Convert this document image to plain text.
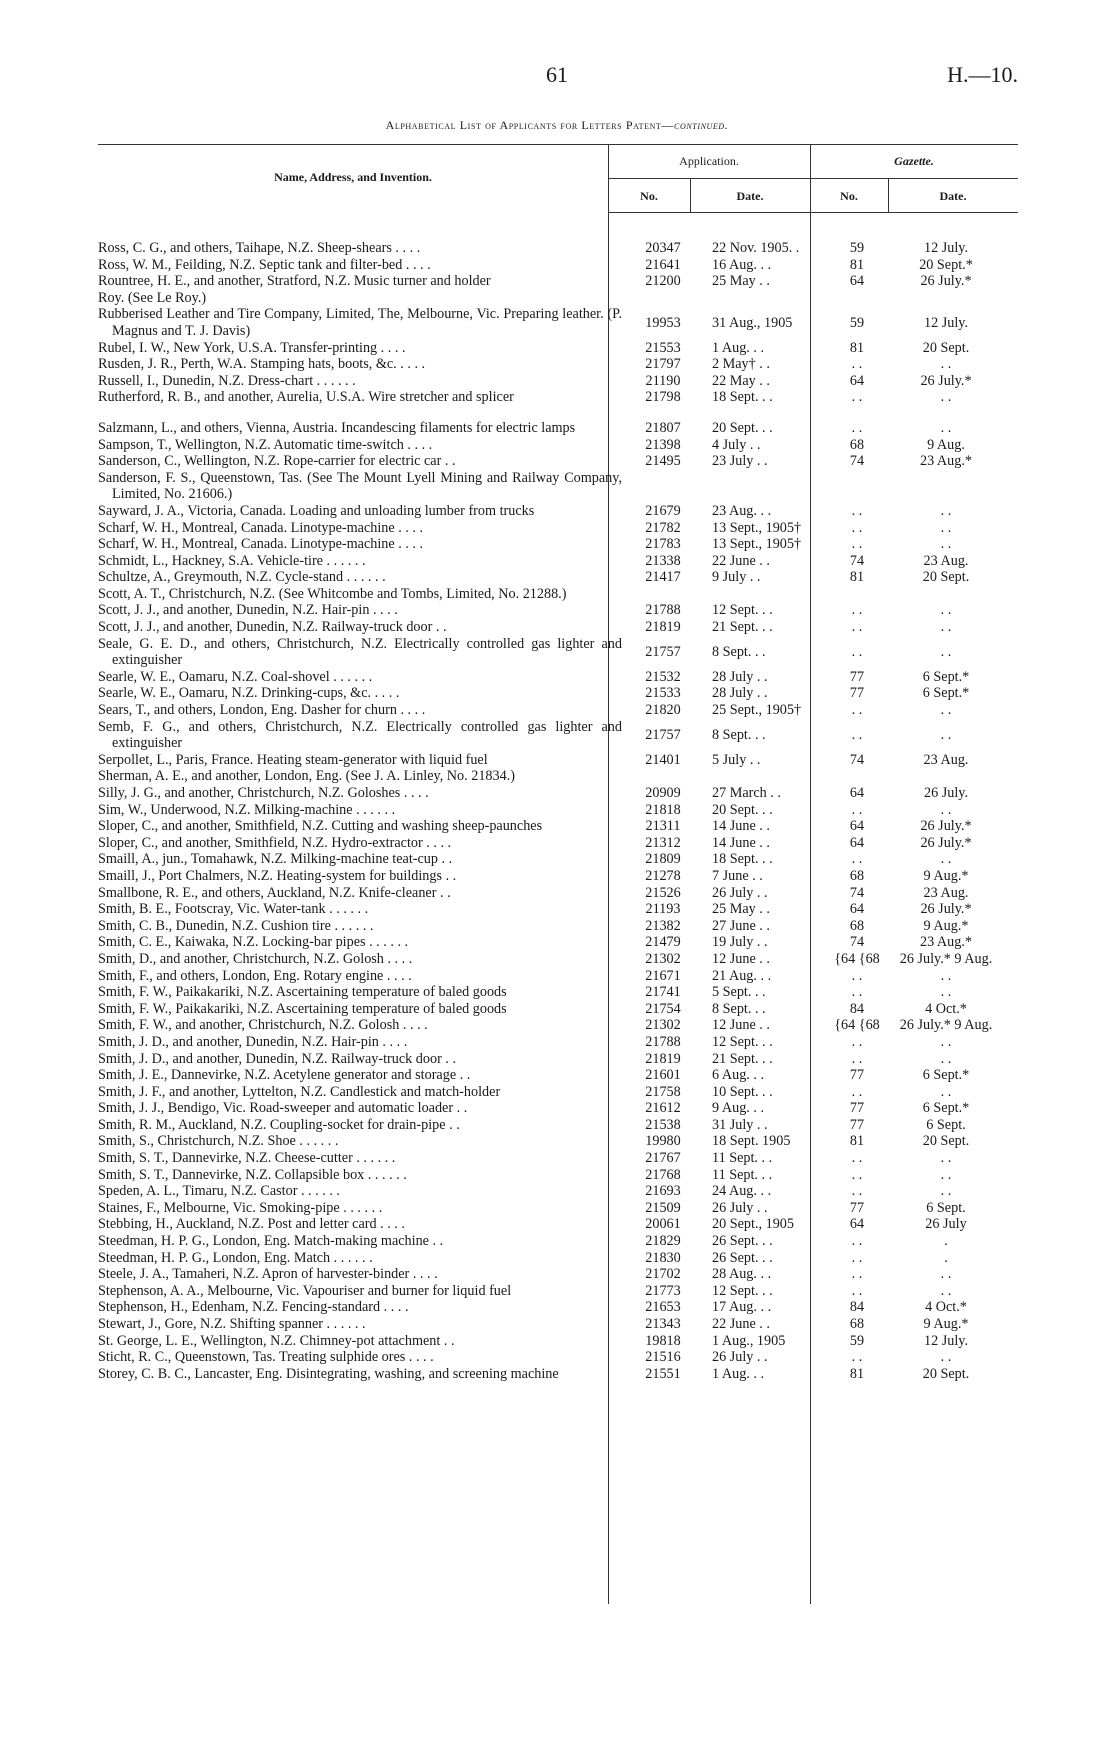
61	H.—10.
Alphabetical List of Applicants for Letters Patent—continued.
Name, Address, and Invention.
Application.	Gazette.
No.	Date.	No.	Date.
Ross, C. G., and others, Taihape, N.Z. Sheep-shears . . . .	20347	22 Nov. 1905. .	59	12 July.
Ross, W. M., Feilding, N.Z. Septic tank and filter-bed . . . .	21641	16 Aug. . .	81	20 Sept.*
Rountree, H. E., and another, Stratford, N.Z. Music turner and holder	21200	25 May . .	64	26 July.*
Roy. (See Le Roy.)
Rubberised Leather and Tire Company, Limited, The, Melbourne, Vic. Preparing leather. (P. Magnus and T. J. Davis)
19953	31 Aug., 1905	59	12 July.
Rubel, I. W., New York, U.S.A. Transfer-printing . . . .	21553	1 Aug. . .	81	20 Sept.
Rusden, J. R., Perth, W.A. Stamping hats, boots, &c. . . . .	21797	2 May† . .	. .	. .
Russell, I., Dunedin, N.Z. Dress-chart . . . . . .	21190	22 May . .	64	26 July.*
Rutherford, R. B., and another, Aurelia, U.S.A. Wire stretcher and splicer	21798	18 Sept. . .	. .	. .
Salzmann, L., and others, Vienna, Austria. Incandescing filaments for electric lamps	21807	20 Sept. . .	. .	. .
Sampson, T., Wellington, N.Z. Automatic time-switch . . . .	21398	4 July . .	68	9 Aug.
Sanderson, C., Wellington, N.Z. Rope-carrier for electric car . .	21495	23 July . .	74	23 Aug.*
Sanderson, F. S., Queenstown, Tas. (See The Mount Lyell Mining and Railway Company, Limited, No. 21606.)
Sayward, J. A., Victoria, Canada. Loading and unloading lumber from trucks	21679	23 Aug. . .	. .	. .
Scharf, W. H., Montreal, Canada. Linotype-machine . . . .	21782	13 Sept., 1905†	. .	. .
Scharf, W. H., Montreal, Canada. Linotype-machine . . . .	21783	13 Sept., 1905†	. .	. .
Schmidt, L., Hackney, S.A. Vehicle-tire . . . . . .	21338	22 June . .	74	23 Aug.
Schultze, A., Greymouth, N.Z. Cycle-stand . . . . . .	21417	9 July . .	81	20 Sept.
Scott, A. T., Christchurch, N.Z. (See Whitcombe and Tombs, Limited, No. 21288.)
Scott, J. J., and another, Dunedin, N.Z. Hair-pin . . . .	21788	12 Sept. . .	. .	. .
Scott, J. J., and another, Dunedin, N.Z. Railway-truck door . .	21819	21 Sept. . .	. .	. .
Seale, G. E. D., and others, Christchurch, N.Z. Electrically controlled gas lighter and extinguisher
21757	8 Sept. . .	. .	. .
Searle, W. E., Oamaru, N.Z. Coal-shovel . . . . . .	21532	28 July . .	77	6 Sept.*
Searle, W. E., Oamaru, N.Z. Drinking-cups, &c. . . . .	21533	28 July . .	77	6 Sept.*
Sears, T., and others, London, Eng. Dasher for churn . . . .	21820	25 Sept., 1905†	. .	. .
Semb, F. G., and others, Christchurch, N.Z. Electrically controlled gas lighter and extinguisher
21757	8 Sept. . .	. .	. .
Serpollet, L., Paris, France. Heating steam-generator with liquid fuel	21401	5 July . .	74	23 Aug.
Sherman, A. E., and another, London, Eng. (See J. A. Linley, No. 21834.)
Silly, J. G., and another, Christchurch, N.Z. Goloshes . . . .	20909	27 March . .	64	26 July.
Sim, W., Underwood, N.Z. Milking-machine . . . . . .	21818	20 Sept. . .	. .	. .
Sloper, C., and another, Smithfield, N.Z. Cutting and washing sheep-paunches	21311	14 June . .	64	26 July.*
Sloper, C., and another, Smithfield, N.Z. Hydro-extractor . . . .	21312	14 June . .	64	26 July.*
Smaill, A., jun., Tomahawk, N.Z. Milking-machine teat-cup . .	21809	18 Sept. . .	. .	. .
Smaill, J., Port Chalmers, N.Z. Heating-system for buildings . .	21278	7 June . .	68	9 Aug.*
Smallbone, R. E., and others, Auckland, N.Z. Knife-cleaner . .	21526	26 July . .	74	23 Aug.
Smith, B. E., Footscray, Vic. Water-tank . . . . . .	21193	25 May . .	64	26 July.*
Smith, C. B., Dunedin, N.Z. Cushion tire . . . . . .	21382	27 June . .	68	9 Aug.*
Smith, C. E., Kaiwaka, N.Z. Locking-bar pipes . . . . . .	21479	19 July . .	74	23 Aug.*
Smith, D., and another, Christchurch, N.Z. Golosh . . . .	21302	12 June . .	{64 {68	26 July.* 9 Aug.
Smith, F., and others, London, Eng. Rotary engine . . . .	21671	21 Aug. . .	. .	. .
Smith, F. W., Paikakariki, N.Z. Ascertaining temperature of baled goods	21741	5 Sept. . .	. .	. .
Smith, F. W., Paikakariki, N.Z. Ascertaining temperature of baled goods	21754	8 Sept. . .	84	4 Oct.*
Smith, F. W., and another, Christchurch, N.Z. Golosh . . . .	21302	12 June . .	{64 {68	26 July.* 9 Aug.
Smith, J. D., and another, Dunedin, N.Z. Hair-pin . . . .	21788	12 Sept. . .	. .	. .
Smith, J. D., and another, Dunedin, N.Z. Railway-truck door . .	21819	21 Sept. . .	. .	. .
Smith, J. E., Dannevirke, N.Z. Acetylene generator and storage . .	21601	6 Aug. . .	77	6 Sept.*
Smith, J. F., and another, Lyttelton, N.Z. Candlestick and match-holder	21758	10 Sept. . .	. .	. .
Smith, J. J., Bendigo, Vic. Road-sweeper and automatic loader . .	21612	9 Aug. . .	77	6 Sept.*
Smith, R. M., Auckland, N.Z. Coupling-socket for drain-pipe . .	21538	31 July . .	77	6 Sept.
Smith, S., Christchurch, N.Z. Shoe . . . . . .	19980	18 Sept. 1905	81	20 Sept.
Smith, S. T., Dannevirke, N.Z. Cheese-cutter . . . . . .	21767	11 Sept. . .	. .	. .
Smith, S. T., Dannevirke, N.Z. Collapsible box . . . . . .	21768	11 Sept. . .	. .	. .
Speden, A. L., Timaru, N.Z. Castor . . . . . .	21693	24 Aug. . .	. .	. .
Staines, F., Melbourne, Vic. Smoking-pipe . . . . . .	21509	26 July . .	77	6 Sept.
Stebbing, H., Auckland, N.Z. Post and letter card . . . .	20061	20 Sept., 1905	64	26 July
Steedman, H. P. G., London, Eng. Match-making machine . .	21829	26 Sept. . .	. .	.
Steedman, H. P. G., London, Eng. Match . . . . . .	21830	26 Sept. . .	. .	.
Steele, J. A., Tamaheri, N.Z. Apron of harvester-binder . . . .	21702	28 Aug. . .	. .	. .
Stephenson, A. A., Melbourne, Vic. Vapouriser and burner for liquid fuel	21773	12 Sept. . .	. .	. .
Stephenson, H., Edenham, N.Z. Fencing-standard . . . .	21653	17 Aug. . .	84	4 Oct.*
Stewart, J., Gore, N.Z. Shifting spanner . . . . . .	21343	22 June . .	68	9 Aug.*
St. George, L. E., Wellington, N.Z. Chimney-pot attachment . .	19818	1 Aug., 1905	59	12 July.
Sticht, R. C., Queenstown, Tas. Treating sulphide ores . . . .	21516	26 July . .	. .	. .
Storey, C. B. C., Lancaster, Eng. Disintegrating, washing, and screening machine	21551	1 Aug. . .	81	20 Sept.
